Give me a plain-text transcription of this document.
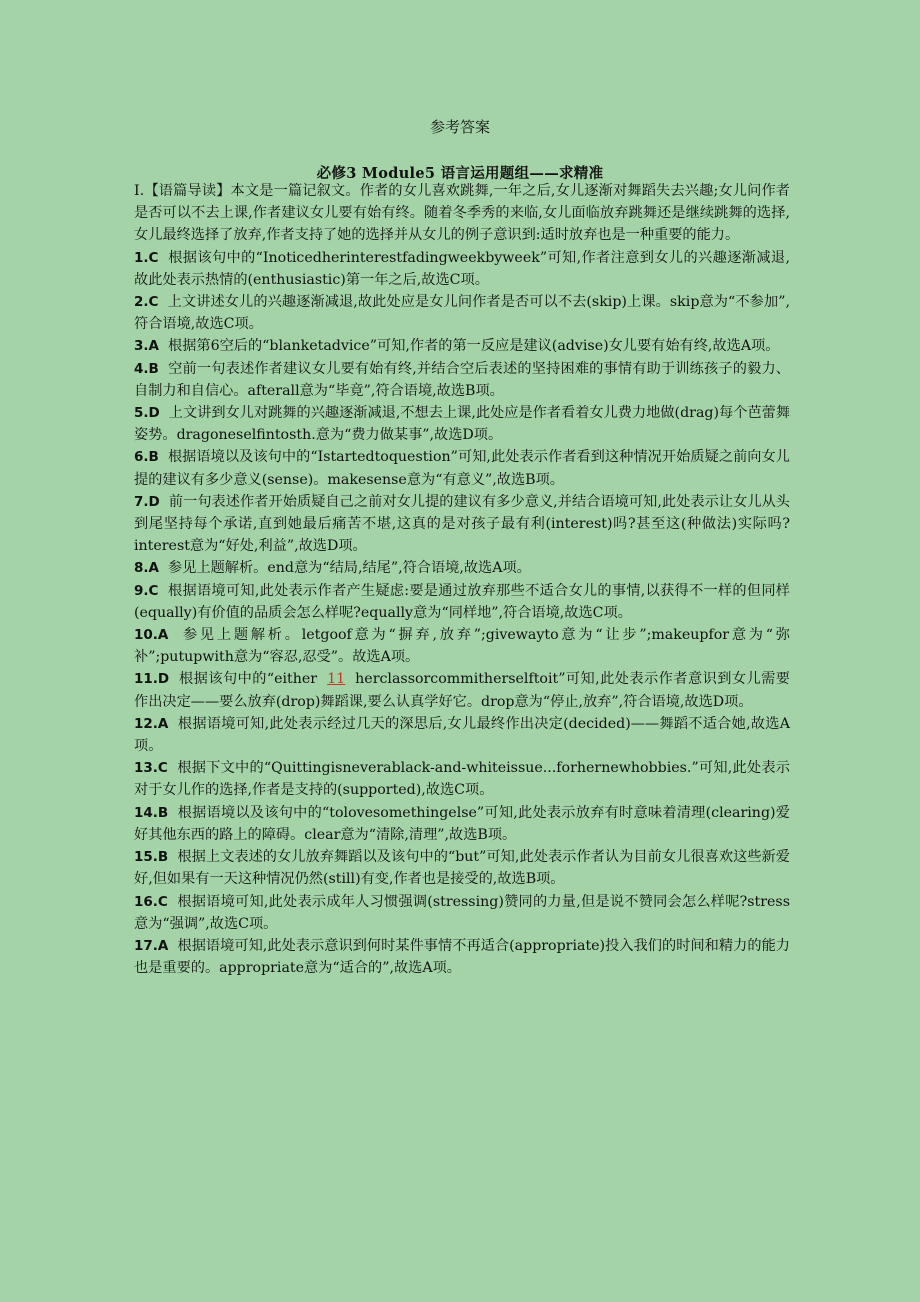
参考答案
必修3 Module5 语言运用题组——求精准

Ⅰ.【语篇导读】本文是一篇记叙文。作者的女儿喜欢跳舞,一年之后,女儿逐渐对舞蹈失去兴趣;女儿问作者是否可以不去上课,作者建议女儿要有始有终。随着冬季秀的来临,女儿面临放弃跳舞还是继续跳舞的选择,女儿最终选择了放弃,作者支持了她的选择并从女儿的例子意识到:适时放弃也是一种重要的能力。

1.C 根据该句中的“Inoticedherinterestfadingweekbyweek”可知,作者注意到女儿的兴趣逐渐减退,故此处表示热情的(enthusiastic)第一年之后,故选C项。

2.C 上文讲述女儿的兴趣逐渐减退,故此处应是女儿问作者是否可以不去(skip)上课。skip意为“不参加”,符合语境,故选C项。

3.A 根据第6空后的“blanketadvice”可知,作者的第一反应是建议(advise)女儿要有始有终,故选A项。

4.B 空前一句表述作者建议女儿要有始有终,并结合空后表述的坚持困难的事情有助于训练孩子的毅力、自制力和自信心。afterall意为“毕竟”,符合语境,故选B项。

5.D 上文讲到女儿对跳舞的兴趣逐渐减退,不想去上课,此处应是作者看着女儿费力地做(drag)每个芭蕾舞姿势。dragoneselfintosth.意为“费力做某事”,故选D项。

6.B 根据语境以及该句中的“Istartedtoquestion”可知,此处表示作者看到这种情况开始质疑之前向女儿提的建议有多少意义(sense)。makesense意为“有意义”,故选B项。

7.D 前一句表述作者开始质疑自己之前对女儿提的建议有多少意义,并结合语境可知,此处表示让女儿从头到尾坚持每个承诺,直到她最后痛苦不堪,这真的是对孩子最有利(interest)吗?甚至这(种做法)实际吗?interest意为“好处,利益”,故选D项。

8.A 参见上题解析。end意为“结局,结尾”,符合语境,故选A项。

9.C 根据语境可知,此处表示作者产生疑虑:要是通过放弃那些不适合女儿的事情,以获得不一样的但同样(equally)有价值的品质会怎么样呢?equally意为“同样地”,符合语境,故选C项。

10.A 参见上题解析。letgoof意为“摒弃,放弃”;givewayto意为“让步”;makeupfor意为“弥补”;putupwith意为“容忍,忍受”。故选A项。

11.D 根据该句中的“either 11 herclassorcommitherselftoit”可知,此处表示作者意识到女儿需要作出决定——要么放弃(drop)舞蹈课,要么认真学好它。drop意为“停止,放弃”,符合语境,故选D项。

12.A 根据语境可知,此处表示经过几天的深思后,女儿最终作出决定(decided)——舞蹈不适合她,故选A项。

13.C 根据下文中的“Quittingisneverablack-and-whiteissue...forhernewhobbies.”可知,此处表示对于女儿作的选择,作者是支持的(supported),故选C项。

14.B 根据语境以及该句中的“tolovesomethingelse”可知,此处表示放弃有时意味着清理(clearing)爱好其他东西的路上的障碍。clear意为“清除,清理”,故选B项。

15.B 根据上文表述的女儿放弃舞蹈以及该句中的“but”可知,此处表示作者认为目前女儿很喜欢这些新爱好,但如果有一天这种情况仍然(still)有变,作者也是接受的,故选B项。

16.C 根据语境可知,此处表示成年人习惯强调(stressing)赞同的力量,但是说不赞同会怎么样呢?stress意为“强调”,故选C项。

17.A 根据语境可知,此处表示意识到何时某件事情不再适合(appropriate)投入我们的时间和精力的能力也是重要的。appropriate意为“适合的”,故选A项。
